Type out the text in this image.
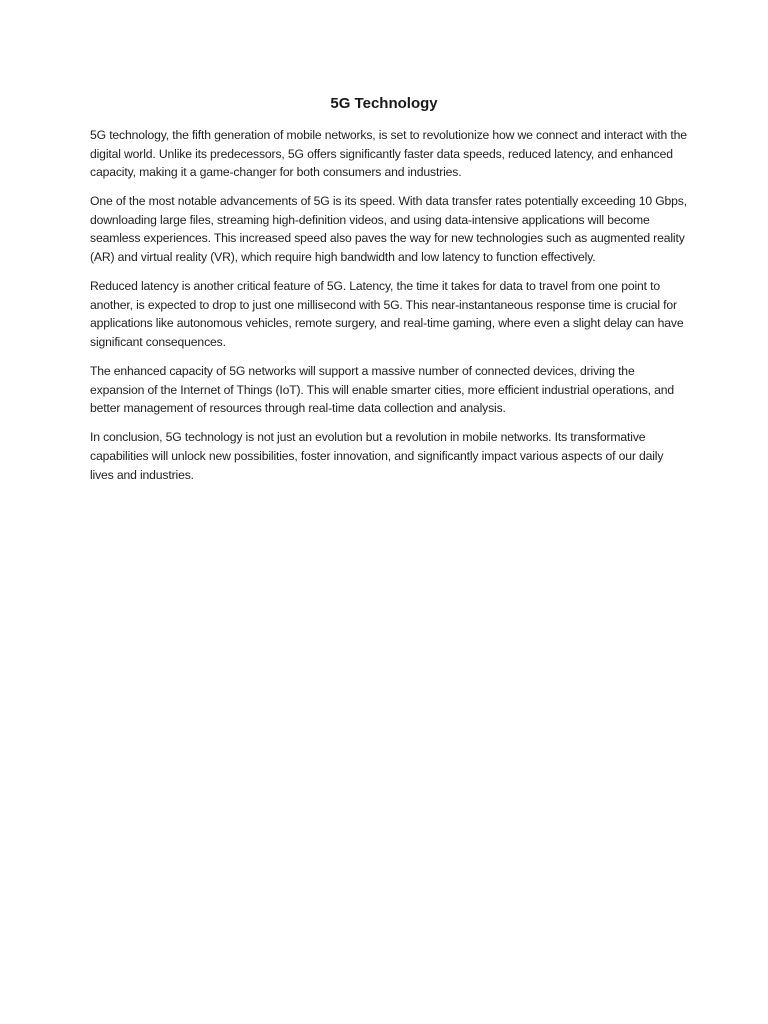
5G Technology

5G technology, the fifth generation of mobile networks, is set to revolutionize how we connect and interact with the digital world. Unlike its predecessors, 5G offers significantly faster data speeds, reduced latency, and enhanced capacity, making it a game-changer for both consumers and industries.

One of the most notable advancements of 5G is its speed. With data transfer rates potentially exceeding 10 Gbps, downloading large files, streaming high-definition videos, and using data-intensive applications will become seamless experiences. This increased speed also paves the way for new technologies such as augmented reality (AR) and virtual reality (VR), which require high bandwidth and low latency to function effectively.

Reduced latency is another critical feature of 5G. Latency, the time it takes for data to travel from one point to another, is expected to drop to just one millisecond with 5G. This near-instantaneous response time is crucial for applications like autonomous vehicles, remote surgery, and real-time gaming, where even a slight delay can have significant consequences.

The enhanced capacity of 5G networks will support a massive number of connected devices, driving the expansion of the Internet of Things (IoT). This will enable smarter cities, more efficient industrial operations, and better management of resources through real-time data collection and analysis.

In conclusion, 5G technology is not just an evolution but a revolution in mobile networks. Its transformative capabilities will unlock new possibilities, foster innovation, and significantly impact various aspects of our daily lives and industries.
